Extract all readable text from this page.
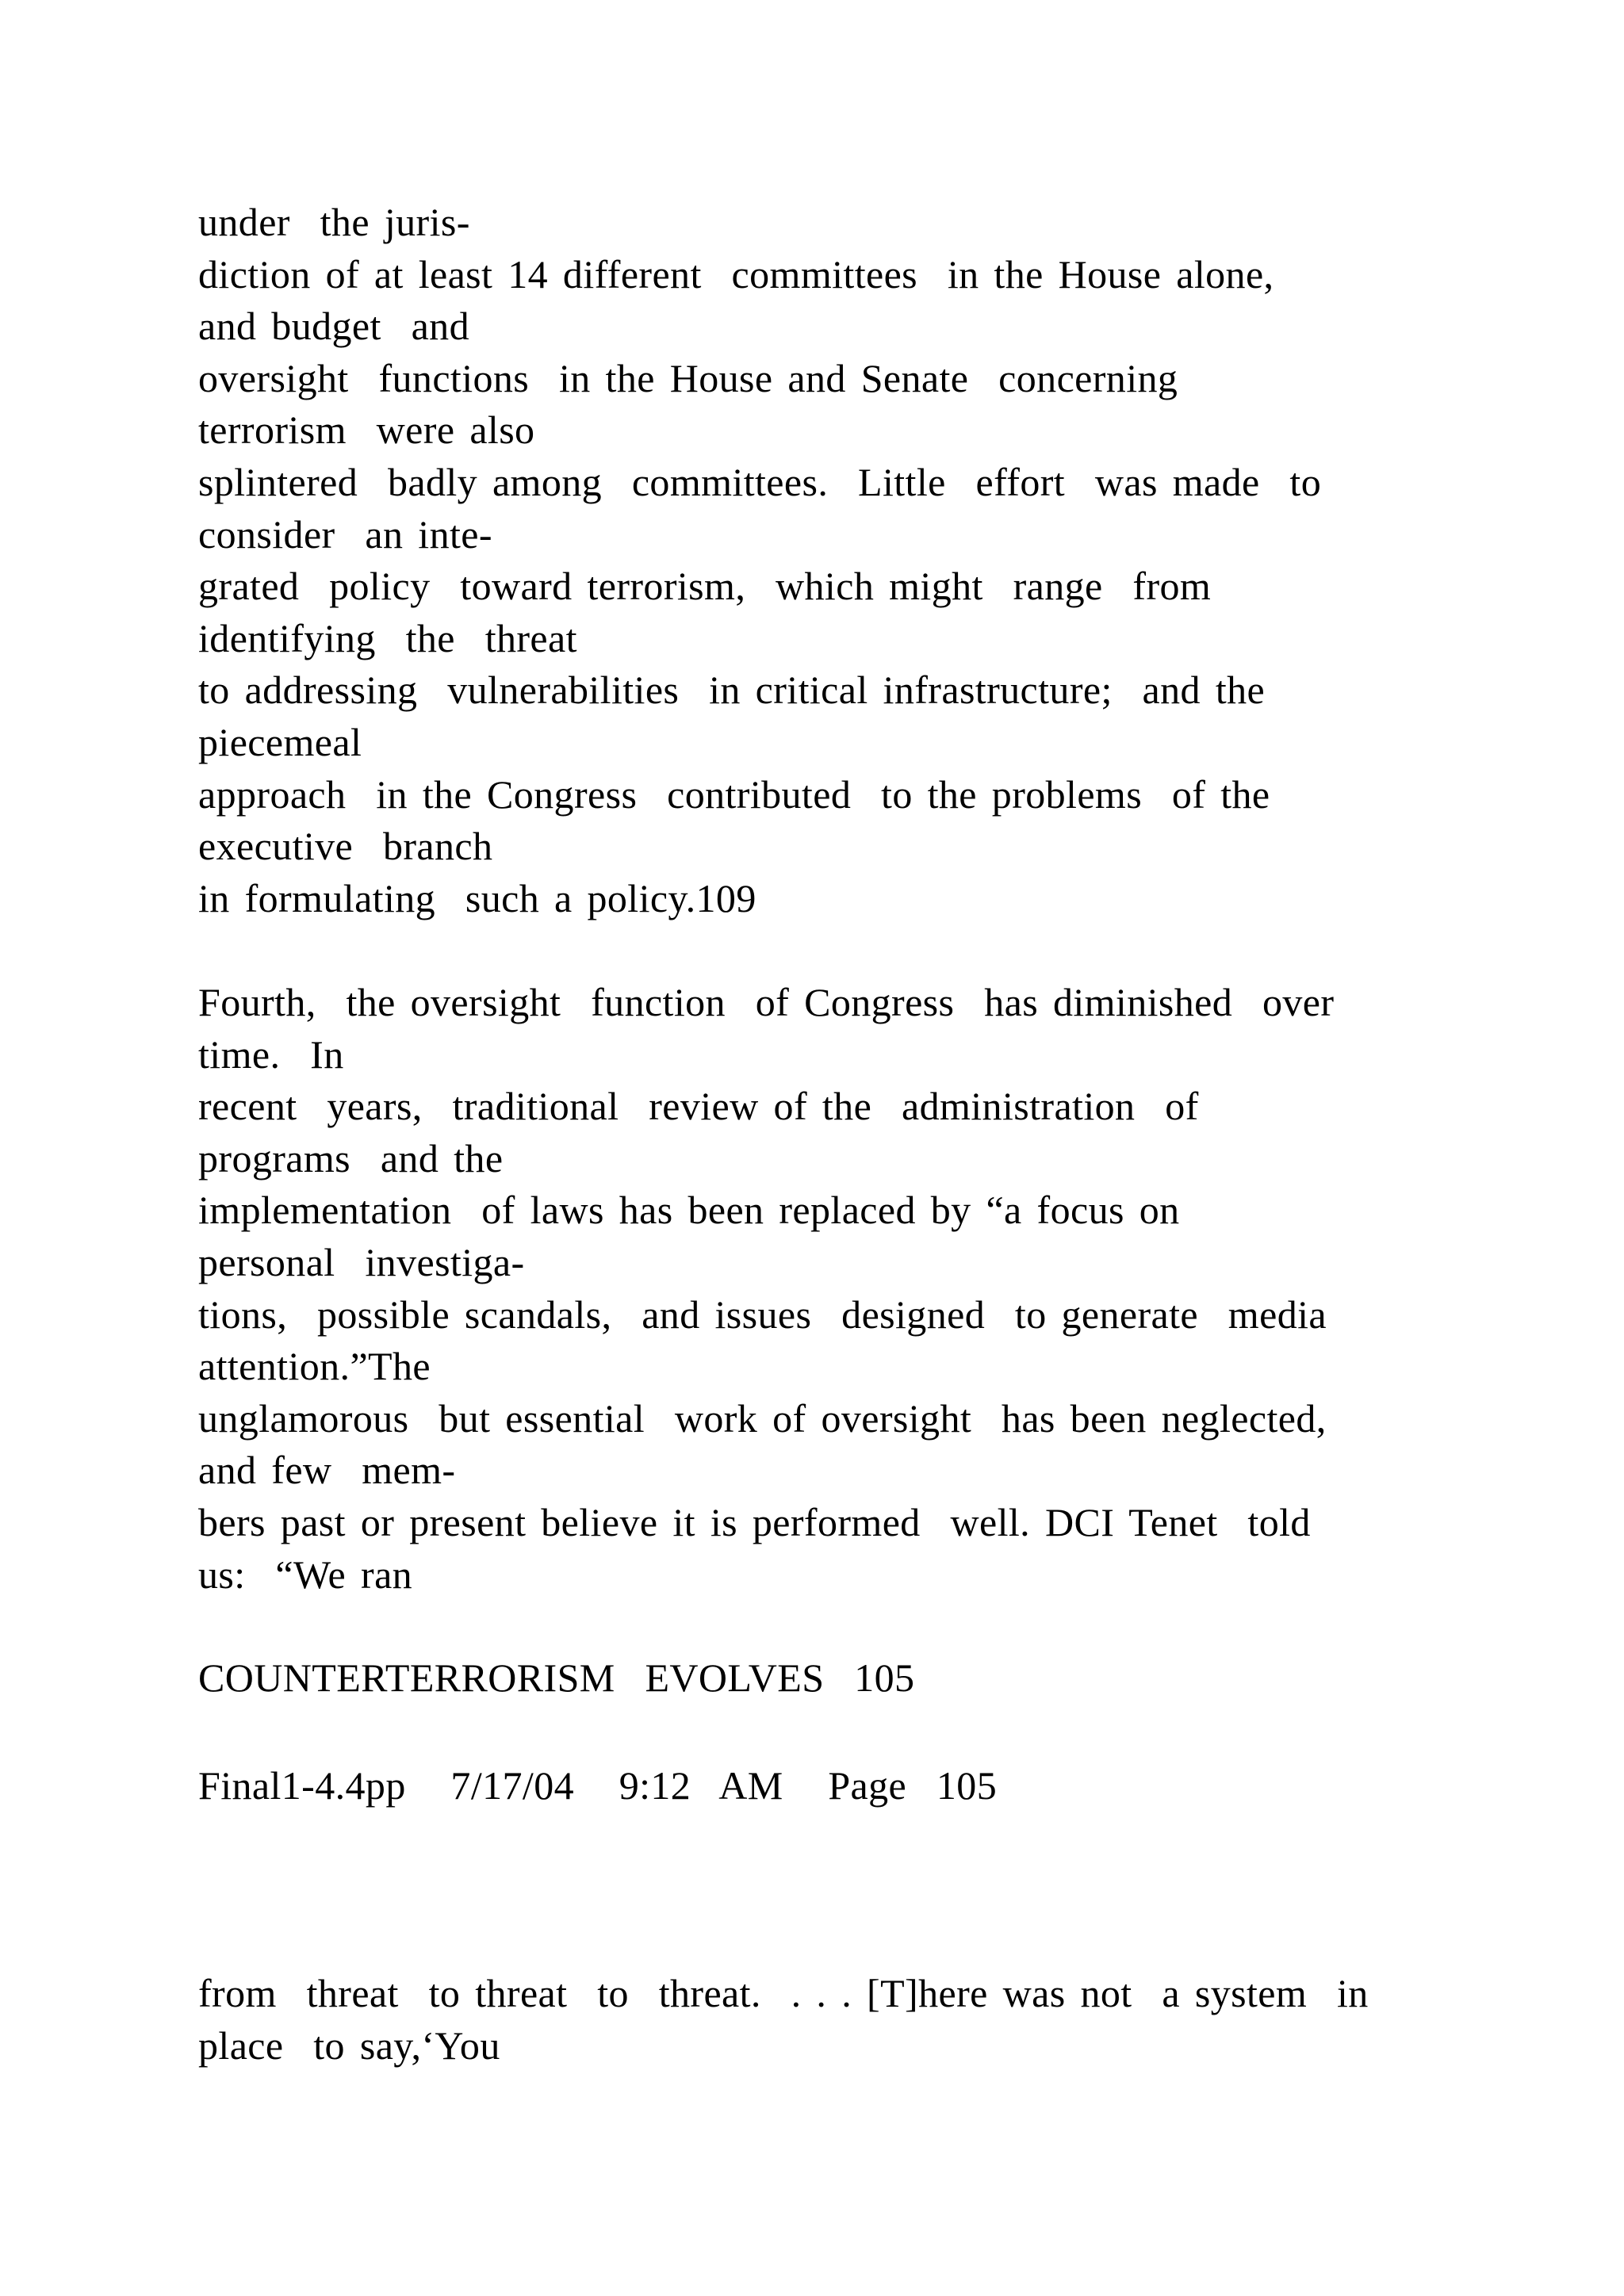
under  the juris-
diction of at least 14 different  committees  in the House alone,
and budget  and
oversight  functions  in the House and Senate  concerning
terrorism  were also
splintered  badly among  committees.  Little  effort  was made  to
consider  an inte-
grated  policy  toward terrorism,  which might  range  from
identifying  the  threat
to addressing  vulnerabilities  in critical infrastructure;  and the
piecemeal
approach  in the Congress  contributed  to the problems  of the
executive  branch
in formulating  such a policy.109
Fourth,  the oversight  function  of Congress  has diminished  over
time.  In
recent  years,  traditional  review of the  administration  of
programs  and the
implementation  of laws has been replaced by “a focus on
personal  investiga-
tions,  possible scandals,  and issues  designed  to generate  media
attention.”The
unglamorous  but essential  work of oversight  has been neglected,
and few  mem-
bers past or present believe it is performed  well. DCI Tenet  told
us:  “We ran
COUNTERTERRORISM  EVOLVES  105
Final1-4.4pp   7/17/04   9:12  AM   Page  105
from  threat  to threat  to  threat.  . . . [T]here was not  a system  in
place  to say,‘You
